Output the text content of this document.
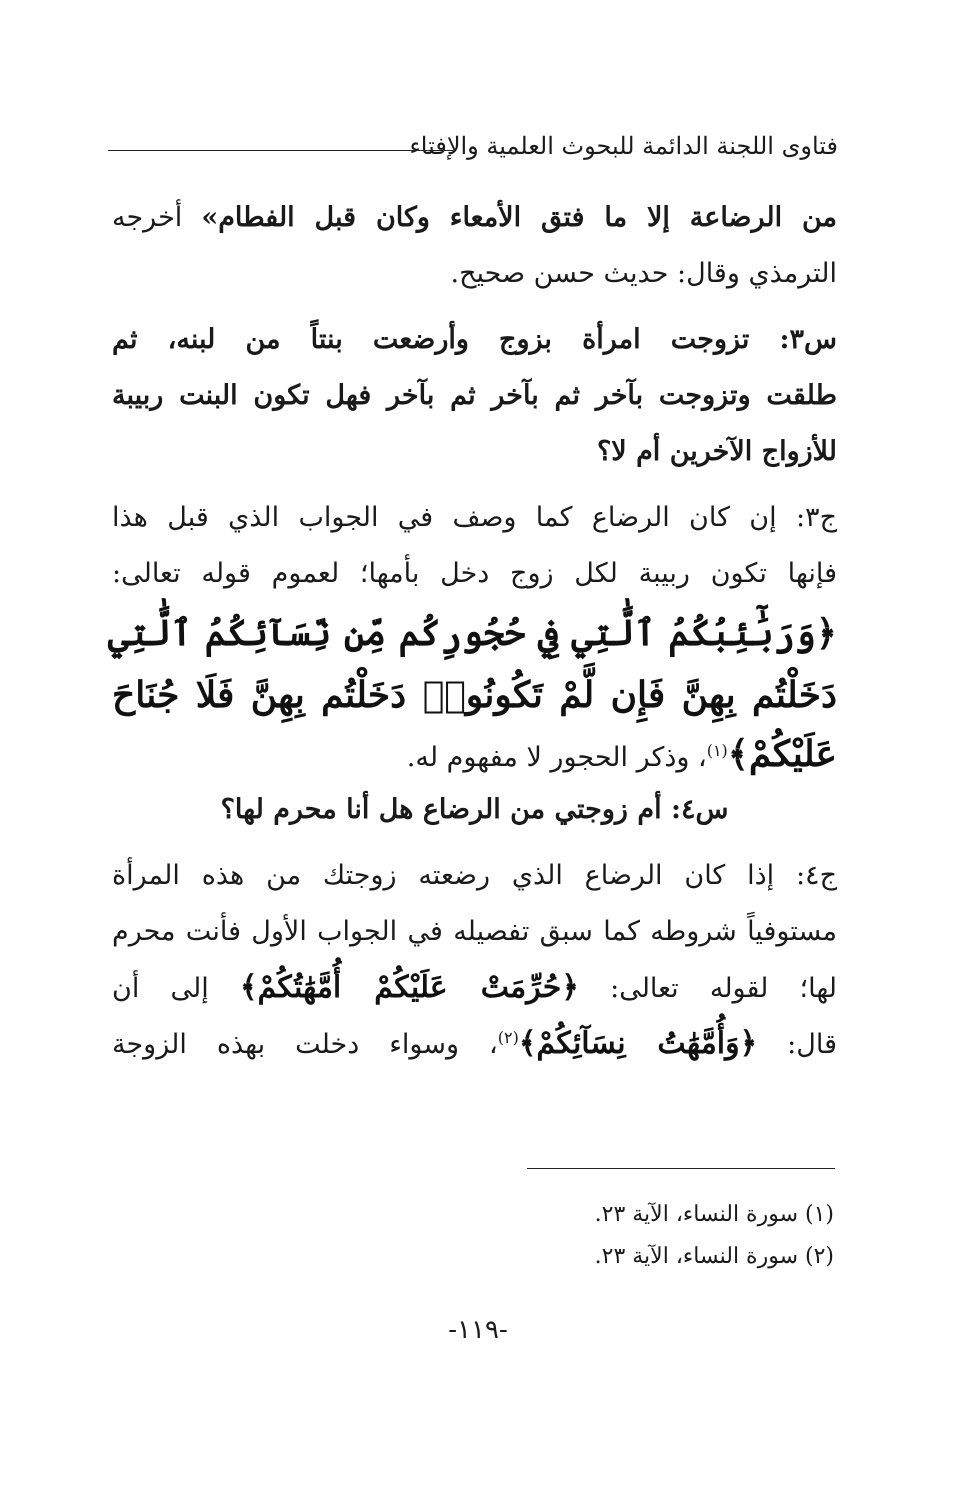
فتاوى اللجنة الدائمة للبحوث العلمية والإفتاء
من الرضاعة إلا ما فتق الأمعاء وكان قبل الفطام» أخرجه
الترمذي وقال: حديث حسن صحيح.
س٣: تزوجت امرأة بزوج وأرضعت بنتاً من لبنه، ثم
طلقت وتزوجت بآخر ثم بآخر ثم بآخر فهل تكون البنت ربيبة
للأزواج الآخرين أم لا؟
ج٣: إن كان الرضاع كما وصف في الجواب الذي قبل هذا
فإنها تكون ربيبة لكل زوج دخل بأمها؛ لعموم قوله تعالى:
﴿وَرَبَٰٓئِبُكُمُ ٱلَّٰتِي فِي حُجُورِكُم مِّن نِّسَآئِكُمُ ٱلَّٰتِي
دَخَلْتُم بِهِنَّ فَإِن لَّمْ تَكُونُوا۟ دَخَلْتُم بِهِنَّ فَلَا جُنَاحَ
عَلَيْكُمْ﴾$^{(١)}$، وذكر الحجور لا مفهوم له.
س٤: أم زوجتي من الرضاع هل أنا محرم لها؟
ج٤: إذا كان الرضاع الذي رضعته زوجتك من هذه المرأة
مستوفياً شروطه كما سبق تفصيله في الجواب الأول فأنت محرم
لها؛ لقوله تعالى: ﴿حُرِّمَتْ عَلَيْكُمْ أُمَّهَٰتُكُمْ﴾ إلى أن
قال: ﴿وَأُمَّهَٰتُ نِسَآئِكُمْ﴾$^{(٢)}$، وسواء دخلت بهذه الزوجة
(١) سورة النساء، الآية ٢٣.
(٢) سورة النساء، الآية ٢٣.
-١١٩-
